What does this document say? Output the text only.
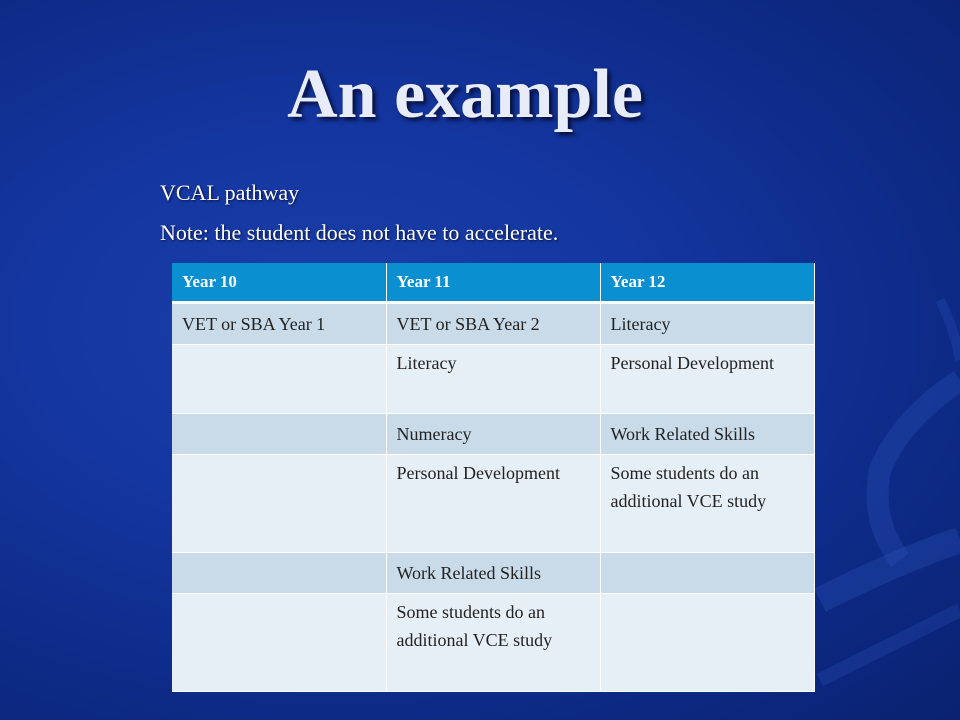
An example

VCAL pathway

Note: the student does not have to accelerate.

Year 10	Year 11	Year 12
VET or SBA Year 1	VET or SBA Year 2	Literacy
	Literacy	Personal Development
	Numeracy	Work Related Skills
	Personal Development	Some students do an additional VCE study
	Work Related Skills	
	Some students do an additional VCE study	
